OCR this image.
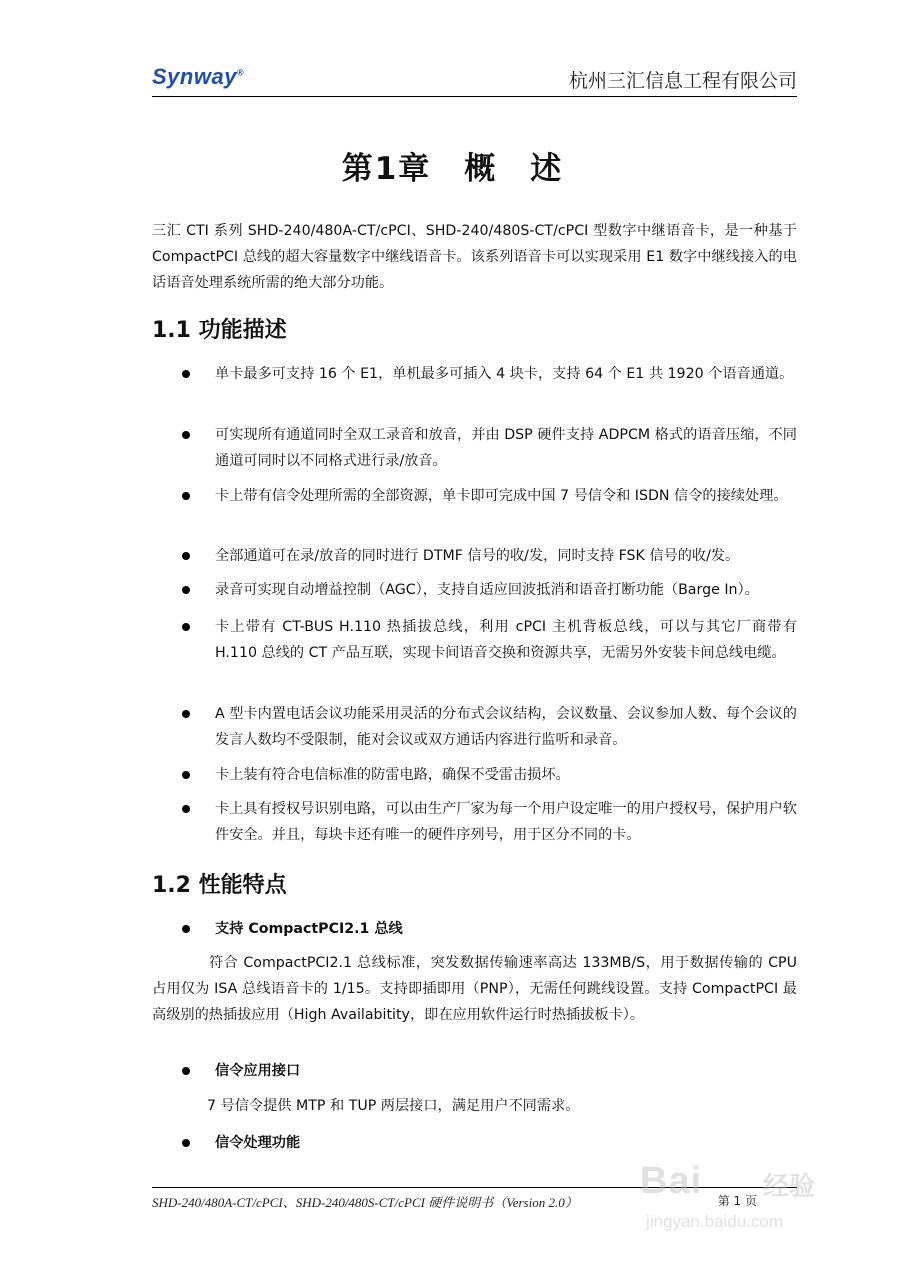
Synway®	杭州三汇信息工程有限公司
第1章　概　述
三汇 CTI 系列 SHD-240/480A-CT/cPCI、SHD-240/480S-CT/cPCI 型数字中继语音卡，是一种基于 CompactPCI 总线的超大容量数字中继线语音卡。该系列语音卡可以实现采用 E1 数字中继线接入的电话语音处理系统所需的绝大部分功能。
1.1 功能描述
单卡最多可支持 16 个 E1，单机最多可插入 4 块卡，支持 64 个 E1 共 1920 个语音通道。
可实现所有通道同时全双工录音和放音，并由 DSP 硬件支持 ADPCM 格式的语音压缩，不同通道可同时以不同格式进行录/放音。
卡上带有信令处理所需的全部资源，单卡即可完成中国 7 号信令和 ISDN 信令的接续处理。
全部通道可在录/放音的同时进行 DTMF 信号的收/发，同时支持 FSK 信号的收/发。
录音可实现自动增益控制（AGC），支持自适应回波抵消和语音打断功能（Barge In）。
卡上带有 CT-BUS H.110 热插拔总线，利用 cPCI 主机背板总线，可以与其它厂商带有 H.110 总线的 CT 产品互联，实现卡间语音交换和资源共享，无需另外安装卡间总线电缆。
A 型卡内置电话会议功能采用灵活的分布式会议结构，会议数量、会议参加人数、每个会议的发言人数均不受限制，能对会议或双方通话内容进行监听和录音。
卡上装有符合电信标准的防雷电路，确保不受雷击损坏。
卡上具有授权号识别电路，可以由生产厂家为每一个用户设定唯一的用户授权号，保护用户软件安全。并且，每块卡还有唯一的硬件序列号，用于区分不同的卡。
1.2 性能特点
支持 CompactPCI2.1 总线
符合 CompactPCI2.1 总线标准，突发数据传输速率高达 133MB/S，用于数据传输的 CPU 占用仅为 ISA 总线语音卡的 1/15。支持即插即用（PNP），无需任何跳线设置。支持 CompactPCI 最高级别的热插拔应用（High Availabitity，即在应用软件运行时热插拔板卡）。
信令应用接口
7 号信令提供 MTP 和 TUP 两层接口，满足用户不同需求。
信令处理功能
SHD-240/480A-CT/cPCI、SHD-240/480S-CT/cPCI 硬件说明书（Version 2.0）	第 1 页
Bai 经验
jingyan.baidu.com
